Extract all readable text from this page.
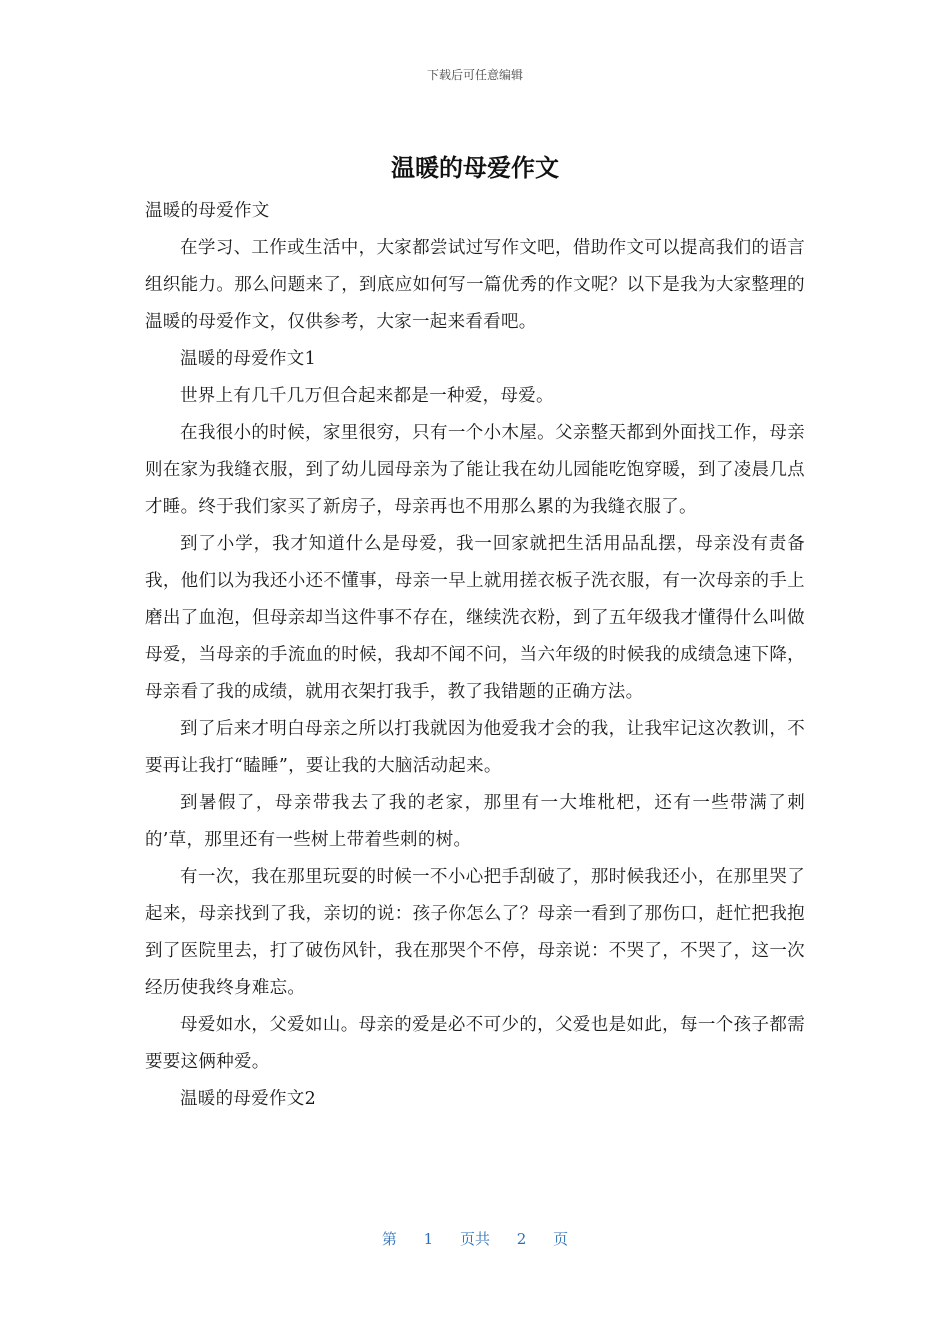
下载后可任意编辑
温暖的母爱作文

温暖的母爱作文

在学习、工作或生活中，大家都尝试过写作文吧，借助作文可以提高我们的语言组织能力。那么问题来了，到底应如何写一篇优秀的作文呢？以下是我为大家整理的温暖的母爱作文，仅供参考，大家一起来看看吧。

温暖的母爱作文1

世界上有几千几万但合起来都是一种爱，母爱。

在我很小的时候，家里很穷，只有一个小木屋。父亲整天都到外面找工作，母亲则在家为我缝衣服，到了幼儿园母亲为了能让我在幼儿园能吃饱穿暖，到了凌晨几点才睡。终于我们家买了新房子，母亲再也不用那么累的为我缝衣服了。

到了小学，我才知道什么是母爱，我一回家就把生活用品乱摆，母亲没有责备我，他们以为我还小还不懂事，母亲一早上就用搓衣板子洗衣服，有一次母亲的手上磨出了血泡，但母亲却当这件事不存在，继续洗衣粉，到了五年级我才懂得什么叫做母爱，当母亲的手流血的时候，我却不闻不问，当六年级的时候我的成绩急速下降，母亲看了我的成绩，就用衣架打我手，教了我错题的正确方法。

到了后来才明白母亲之所以打我就因为他爱我才会的我，让我牢记这次教训，不要再让我打“瞌睡”，要让我的大脑活动起来。

到暑假了，母亲带我去了我的老家，那里有一大堆枇杷，还有一些带满了刺的’草，那里还有一些树上带着些刺的树。

有一次，我在那里玩耍的时候一不小心把手刮破了，那时候我还小，在那里哭了起来，母亲找到了我，亲切的说：孩子你怎么了？母亲一看到了那伤口，赶忙把我抱到了医院里去，打了破伤风针，我在那哭个不停，母亲说：不哭了，不哭了，这一次经历使我终身难忘。

母爱如水，父爱如山。母亲的爱是必不可少的，父爱也是如此，每一个孩子都需要要这俩种爱。

温暖的母爱作文2

第 1 页共 2 页
